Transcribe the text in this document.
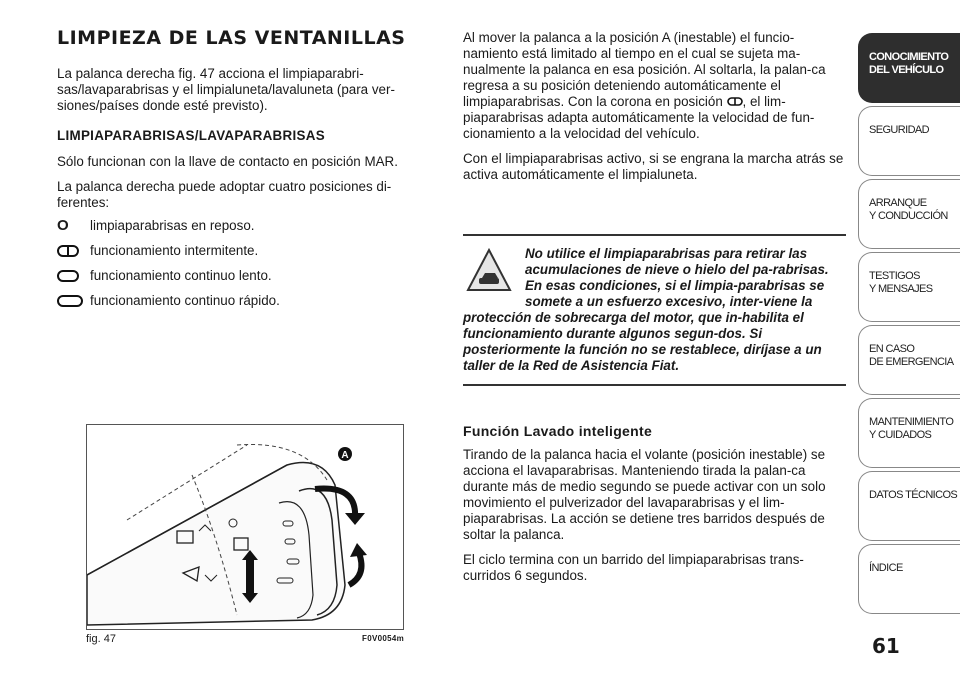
LIMPIEZA DE LAS VENTANILLAS

La palanca derecha fig. 47 acciona el limpiaparabri-sas/lavaparabrisas y el limpialuneta/lavaluneta (para ver-siones/países donde esté previsto).

LIMPIAPARABRISAS/LAVAPARABRISAS

Sólo funcionan con la llave de contacto en posición MAR.

La palanca derecha puede adoptar cuatro posiciones di-ferentes:

O	limpiaparabrisas en reposo.
funcionamiento intermitente.
funcionamiento continuo lento.
funcionamiento continuo rápido.

Al mover la palanca a la posición A (inestable) el funcio-namiento está limitado al tiempo en el cual se sujeta ma-nualmente la palanca en esa posición. Al soltarla, la palan-ca regresa a su posición deteniendo automáticamente el limpiaparabrisas. Con la corona en posición , el lim-piaparabrisas adapta automáticamente la velocidad de fun-cionamiento a la velocidad del vehículo.

Con el limpiaparabrisas activo, si se engrana la marcha atrás se activa automáticamente el limpialuneta.

No utilice el limpiaparabrisas para retirar las acumulaciones de nieve o hielo del pa-rabrisas. En esas condiciones, si el limpia-parabrisas se somete a un esfuerzo excesivo, inter-viene la protección de sobrecarga del motor, que in-habilita el funcionamiento durante algunos segun-dos. Si posteriormente la función no se restablece, diríjase a un taller de la Red de Asistencia Fiat.
Función Lavado inteligente

Tirando de la palanca hacia el volante (posición inestable) se acciona el lavaparabrisas. Manteniendo tirada la palan-ca durante más de medio segundo se puede activar con un solo movimiento el pulverizador del lavaparabrisas y el lim-piaparabrisas. La acción se detiene tres barridos después de soltar la palanca.

El ciclo termina con un barrido del limpiaparabrisas trans-curridos 6 segundos.

A
fig. 47	F0V0054m
CONOCIMIENTO
DEL VEHÍCULO
SEGURIDAD
ARRANQUE
Y CONDUCCIÓN
TESTIGOS
Y MENSAJES
EN CASO
DE EMERGENCIA
MANTENIMIENTO
Y CUIDADOS
DATOS TÉCNICOS
ÍNDICE
61
